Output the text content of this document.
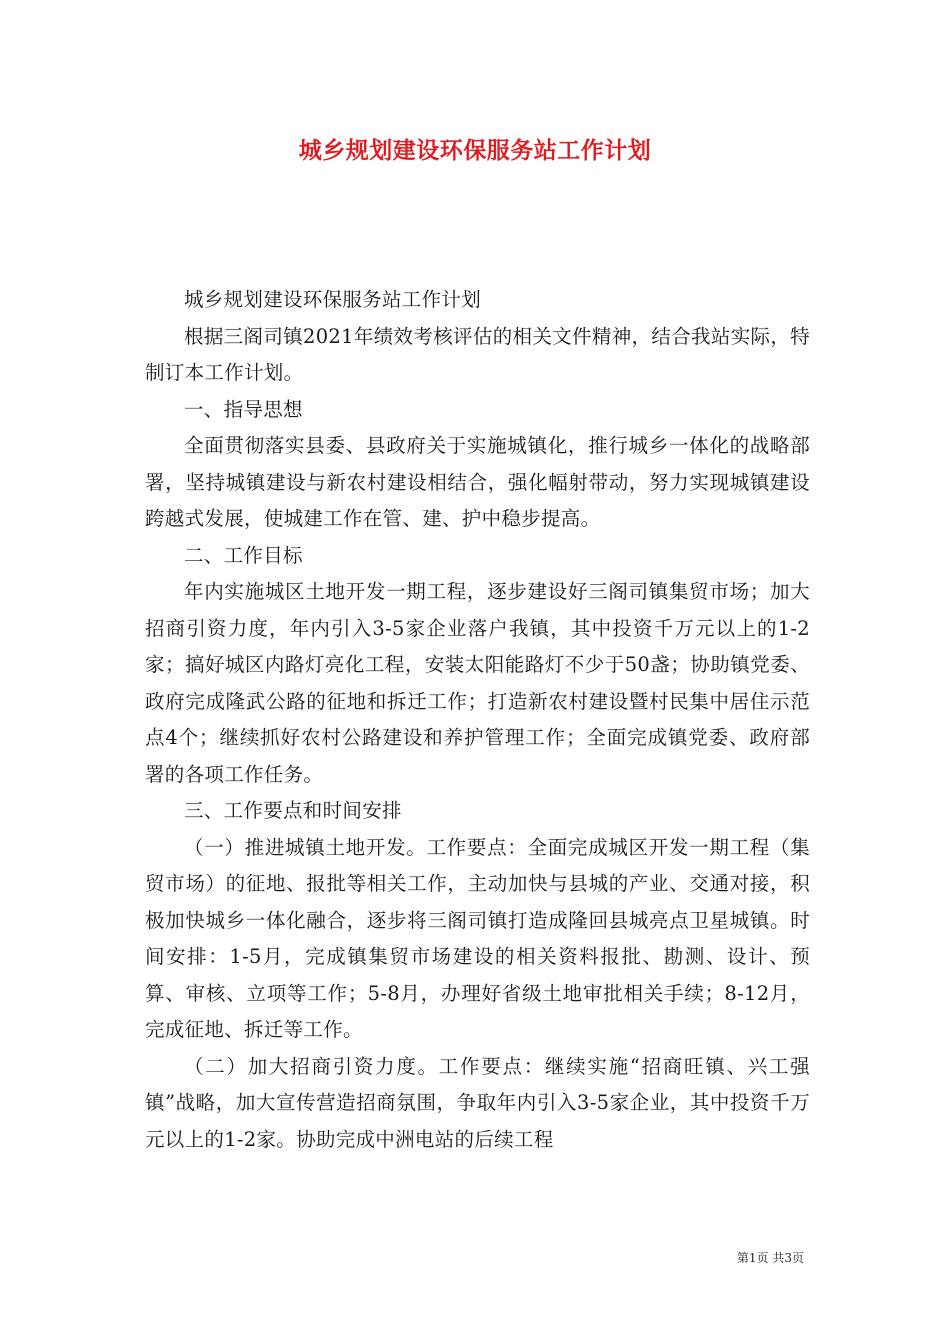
城乡规划建设环保服务站工作计划

城乡规划建设环保服务站工作计划

根据三阁司镇2021年绩效考核评估的相关文件精神，结合我站实际，特制订本工作计划。

一、指导思想

全面贯彻落实县委、县政府关于实施城镇化，推行城乡一体化的战略部署，坚持城镇建设与新农村建设相结合，强化幅射带动，努力实现城镇建设跨越式发展，使城建工作在管、建、护中稳步提高。

二、工作目标

年内实施城区土地开发一期工程，逐步建设好三阁司镇集贸市场；加大招商引资力度，年内引入3-5家企业落户我镇，其中投资千万元以上的1-2家；搞好城区内路灯亮化工程，安装太阳能路灯不少于50盏；协助镇党委、政府完成隆武公路的征地和拆迁工作；打造新农村建设暨村民集中居住示范点4个；继续抓好农村公路建设和养护管理工作；全面完成镇党委、政府部署的各项工作任务。

三、工作要点和时间安排

（一）推进城镇土地开发。工作要点：全面完成城区开发一期工程（集贸市场）的征地、报批等相关工作，主动加快与县城的产业、交通对接，积极加快城乡一体化融合，逐步将三阁司镇打造成隆回县城亮点卫星城镇。时间安排：1-5月，完成镇集贸市场建设的相关资料报批、勘测、设计、预算、审核、立项等工作；5-8月，办理好省级土地审批相关手续；8-12月，完成征地、拆迁等工作。

（二）加大招商引资力度。工作要点：继续实施“招商旺镇、兴工强镇”战略，加大宣传营造招商氛围，争取年内引入3-5家企业，其中投资千万元以上的1-2家。协助完成中洲电站的后续工程

第1页 共3页
